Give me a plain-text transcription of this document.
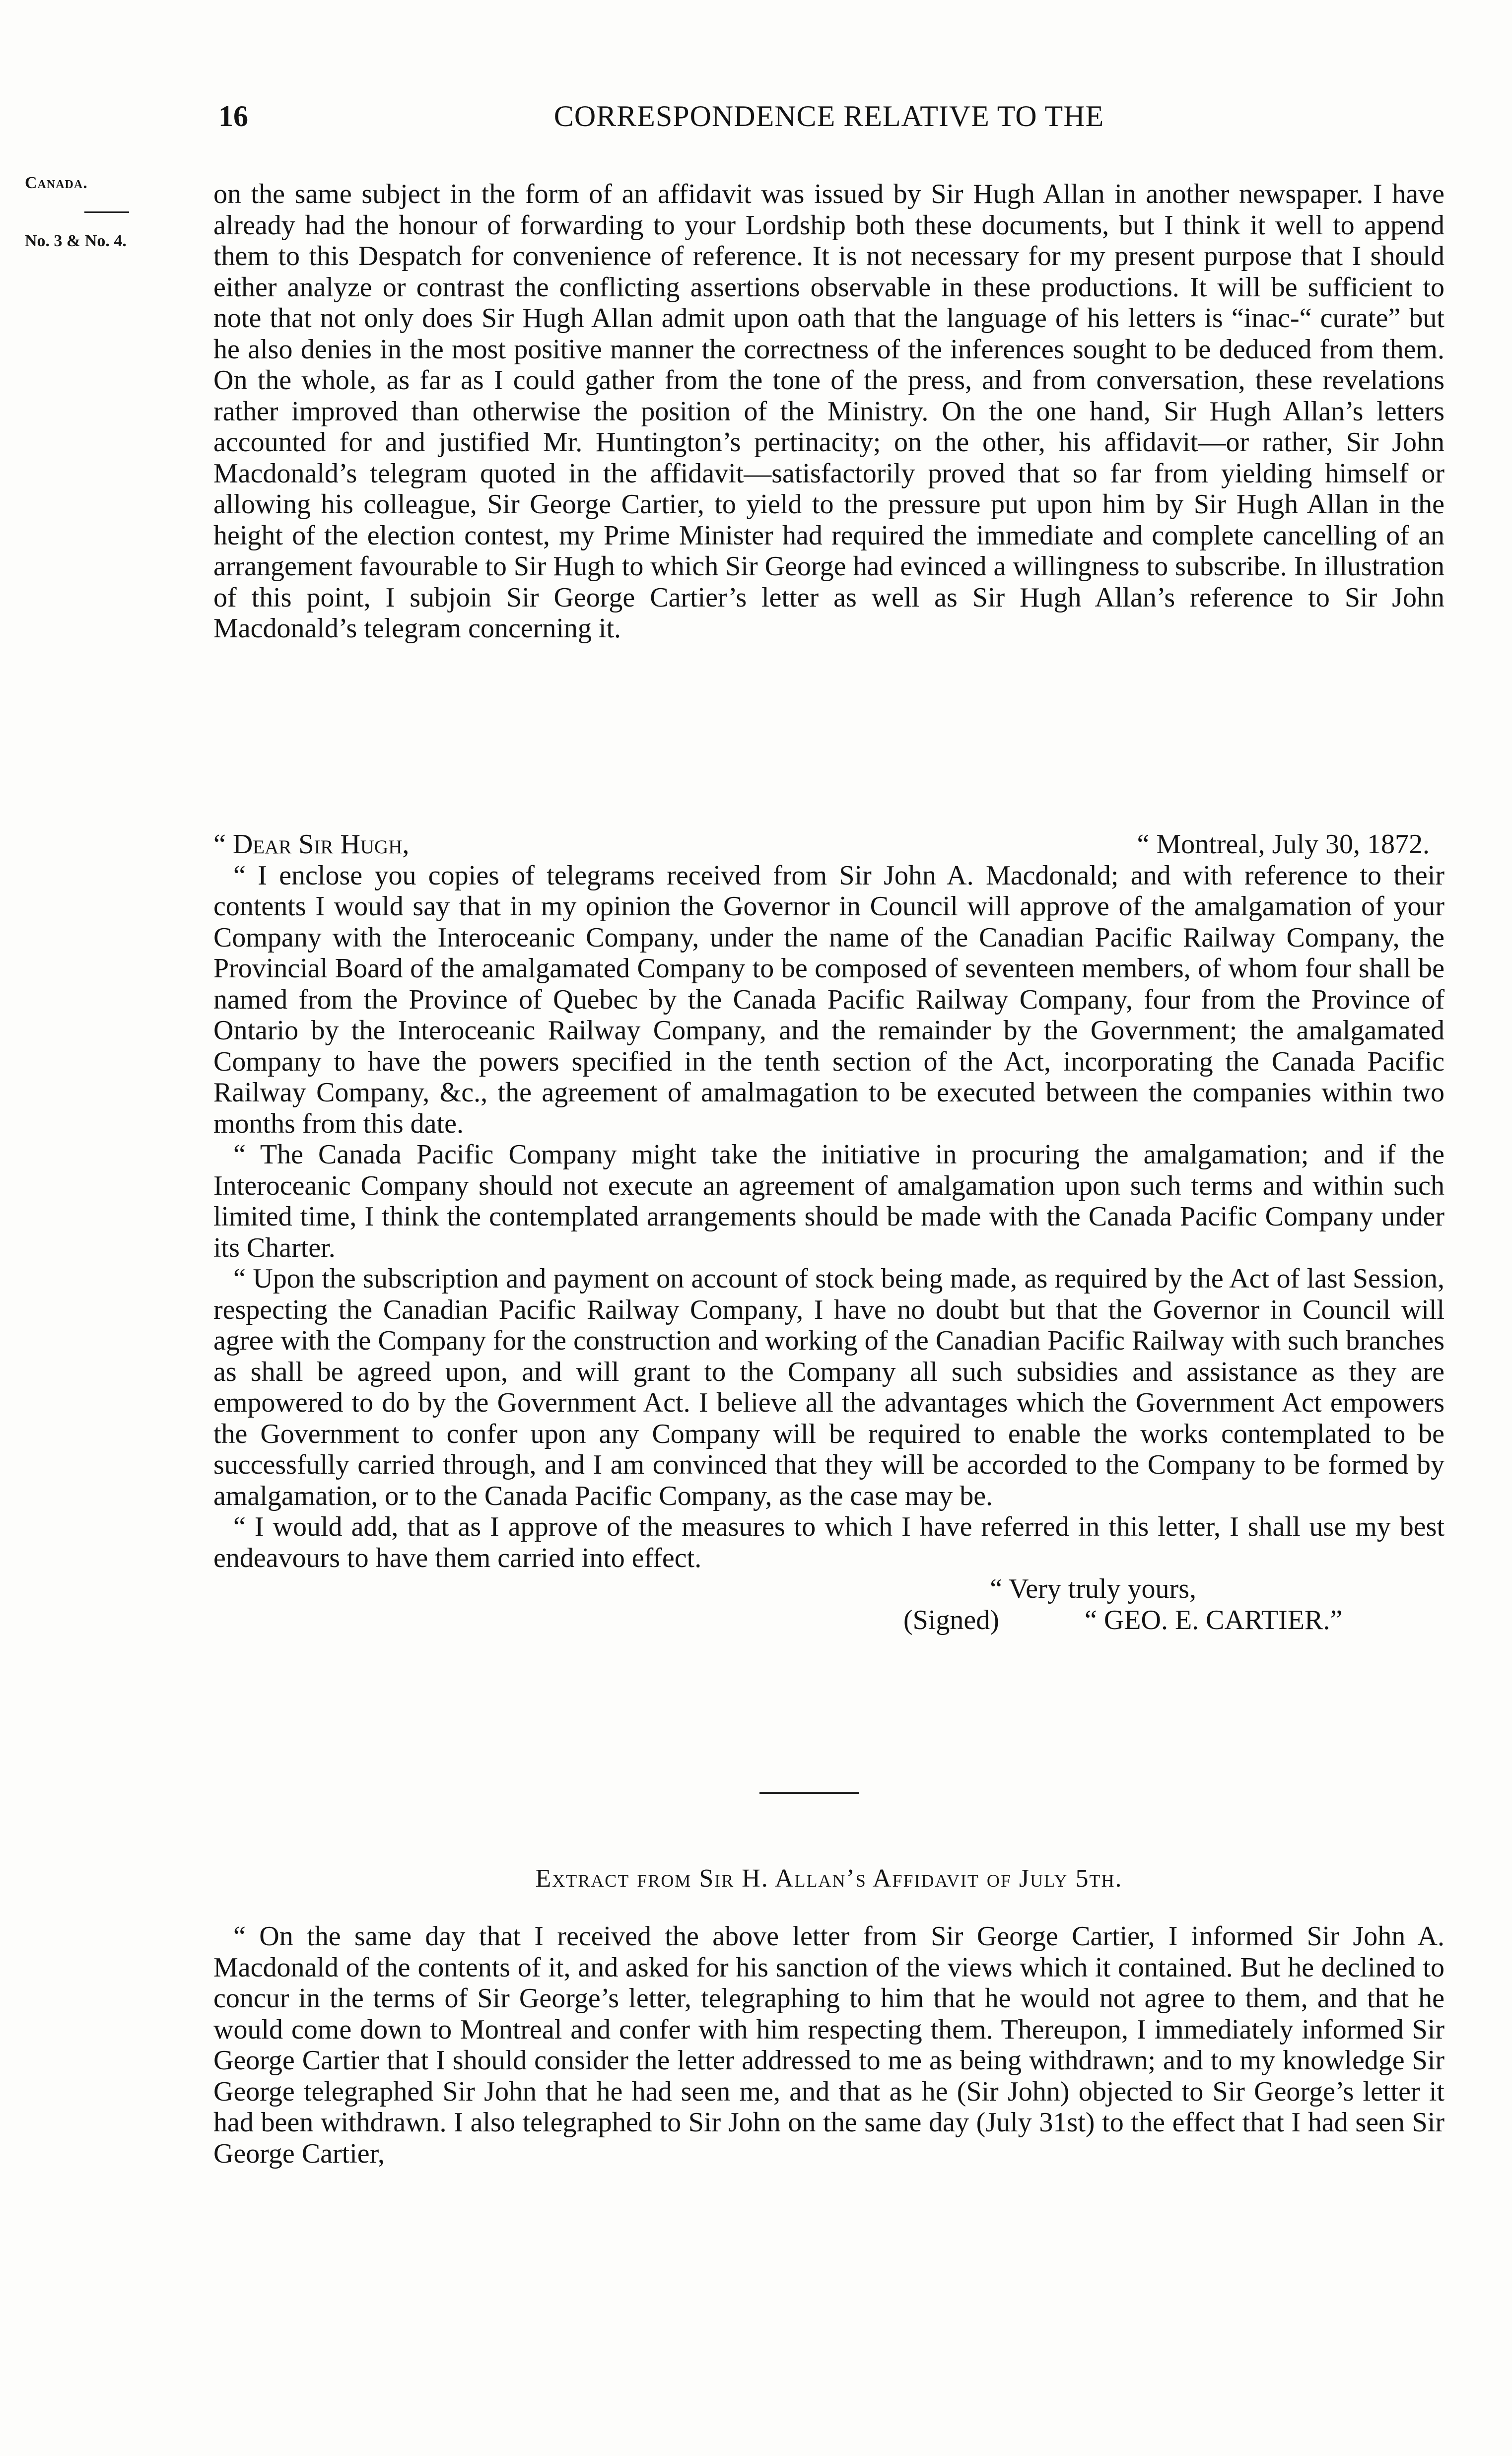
16	CORRESPONDENCE RELATIVE TO THE
Canada.
No. 3 & No. 4.

on the same subject in the form of an affidavit was issued by Sir Hugh Allan in another newspaper. I have already had the honour of forwarding to your Lordship both these documents, but I think it well to append them to this Despatch for convenience of reference. It is not necessary for my present purpose that I should either analyze or contrast the conflicting assertions observable in these productions. It will be sufficient to note that not only does Sir Hugh Allan admit upon oath that the language of his letters is “inac-“ curate” but he also denies in the most positive manner the correctness of the inferences sought to be deduced from them. On the whole, as far as I could gather from the tone of the press, and from conversation, these revelations rather improved than otherwise the position of the Ministry. On the one hand, Sir Hugh Allan’s letters accounted for and justified Mr. Huntington’s pertinacity; on the other, his affidavit—or rather, Sir John Macdonald’s telegram quoted in the affidavit—satisfactorily proved that so far from yielding himself or allowing his colleague, Sir George Cartier, to yield to the pressure put upon him by Sir Hugh Allan in the height of the election contest, my Prime Minister had required the immediate and complete cancelling of an arrangement favourable to Sir Hugh to which Sir George had evinced a willingness to subscribe. In illustration of this point, I subjoin Sir George Cartier’s letter as well as Sir Hugh Allan’s reference to Sir John Macdonald’s telegram concerning it.

“ Dear Sir Hugh,	“ Montreal, July 30, 1872.

“ I enclose you copies of telegrams received from Sir John A. Macdonald; and with reference to their contents I would say that in my opinion the Governor in Council will approve of the amalgamation of your Company with the Interoceanic Company, under the name of the Canadian Pacific Railway Company, the Provincial Board of the amalgamated Company to be composed of seventeen members, of whom four shall be named from the Province of Quebec by the Canada Pacific Railway Company, four from the Province of Ontario by the Interoceanic Railway Company, and the remainder by the Government; the amalgamated Company to have the powers specified in the tenth section of the Act, incorporating the Canada Pacific Railway Company, &c., the agreement of amalmagation to be executed between the companies within two months from this date.

“ The Canada Pacific Company might take the initiative in procuring the amalgamation; and if the Interoceanic Company should not execute an agreement of amalgamation upon such terms and within such limited time, I think the contemplated arrangements should be made with the Canada Pacific Company under its Charter.

“ Upon the subscription and payment on account of stock being made, as required by the Act of last Session, respecting the Canadian Pacific Railway Company, I have no doubt but that the Governor in Council will agree with the Company for the construction and working of the Canadian Pacific Railway with such branches as shall be agreed upon, and will grant to the Company all such subsidies and assistance as they are empowered to do by the Government Act. I believe all the advantages which the Government Act empowers the Government to confer upon any Company will be required to enable the works contemplated to be successfully carried through, and I am convinced that they will be accorded to the Company to be formed by amalgamation, or to the Canada Pacific Company, as the case may be.

“ I would add, that as I approve of the measures to which I have referred in this letter, I shall use my best endeavours to have them carried into effect.

“ Very truly yours,

(Signed)	“ GEO. E. CARTIER.”
Extract from Sir H. Allan’s Affidavit of July 5th.

“ On the same day that I received the above letter from Sir George Cartier, I informed Sir John A. Macdonald of the contents of it, and asked for his sanction of the views which it contained. But he declined to concur in the terms of Sir George’s letter, telegraphing to him that he would not agree to them, and that he would come down to Montreal and confer with him respecting them. Thereupon, I immediately informed Sir George Cartier that I should consider the letter addressed to me as being withdrawn; and to my knowledge Sir George telegraphed Sir John that he had seen me, and that as he (Sir John) objected to Sir George’s letter it had been withdrawn. I also telegraphed to Sir John on the same day (July 31st) to the effect that I had seen Sir George Cartier,
